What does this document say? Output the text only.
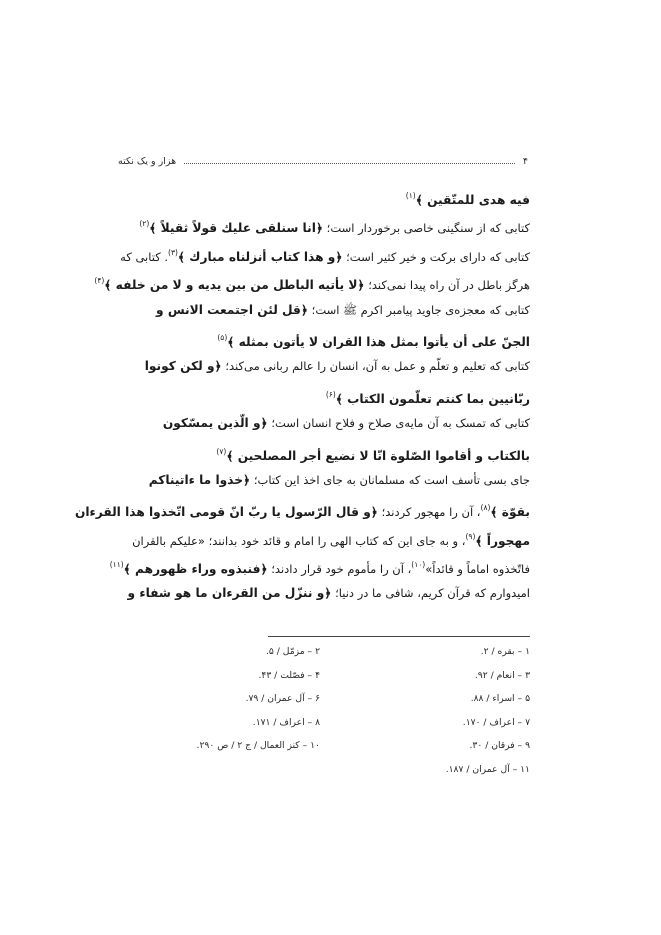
۴
هزار و یک نکته
فیه هدی للمتّقین ﴾$^{(۱)}$
کتابی که از سنگینی خاصی برخوردار است؛ ﴿انا سنلقی علیك قولاً ثقیلاً ﴾$^{(۲)}$
کتابی که دارای برکت و خیر کثیر است؛ ﴿و هذا کتاب أنزلناه مبارك ﴾$^{(۳)}$. کتابی که
هرگز باطل در آن راه پیدا نمی‌کند؛ ﴿لا یأتیه الباطل من بین یدیه و لا من خلفه ﴾$^{(۴)}$
کتابی که معجزه‌ی جاوید پیامبر اکرم ﷺ است؛ ﴿قل لئن اجتمعت الانس و
الجنّ علی أن یأتوا بمثل هذا القران لا یأتون بمثله ﴾$^{(۵)}$
کتابی که تعلیم و تعلّم و عمل به آن، انسان را عالم ربانی می‌کند؛ ﴿و لکن کونوا
ربّانیین بما کنتم تعلّمون الکتاب ﴾$^{(۶)}$
کتابی که تمسک به آن مایه‌ی صلاح و فلاح انسان است؛ ﴿و الّذین یمسّکون
بالکتاب و أقاموا الصّلوة انّا لا نضیع أجر المصلحین ﴾$^{(۷)}$
جای بسی تأسف است که مسلمانان به جای اخذ این کتاب؛ ﴿خذوا ما ءاتیناکم
بقوّة ﴾$^{(۸)}$، آن را مهجور کردند؛ ﴿و قال الرّسول یا ربّ انّ قومی اتّخذوا هذا القرءان
مهجوراً ﴾$^{(۹)}$، و به جای این که کتاب الهی را امام و قائد خود بدانند؛ «علیکم بالقران
فاتّخذوه اماماً و قائداً»$^{(۱۰)}$، آن را مأموم خود قرار دادند؛ ﴿فنبذوه وراء ظهورهم ﴾$^{(۱۱)}$
امیدوارم که قرآن کریم، شافی ما در دنیا؛ ﴿و ننزّل من القرءان ما هو شفاء و
۱ – بقره / ۲.
۲ – مزمّل / ۵.
۳ – انعام / ۹۲.
۴ – فصّلت / ۴۳.
۵ – اسراء / ۸۸.
۶ – آل عمران / ۷۹.
۷ – اعراف / ۱۷۰.
۸ – اعراف / ۱۷۱.
۹ – فرقان / ۳۰.
۱۰ – کنز العمال / ج ۲ / ص ۲۹۰.
۱۱ – آل عمران / ۱۸۷.
